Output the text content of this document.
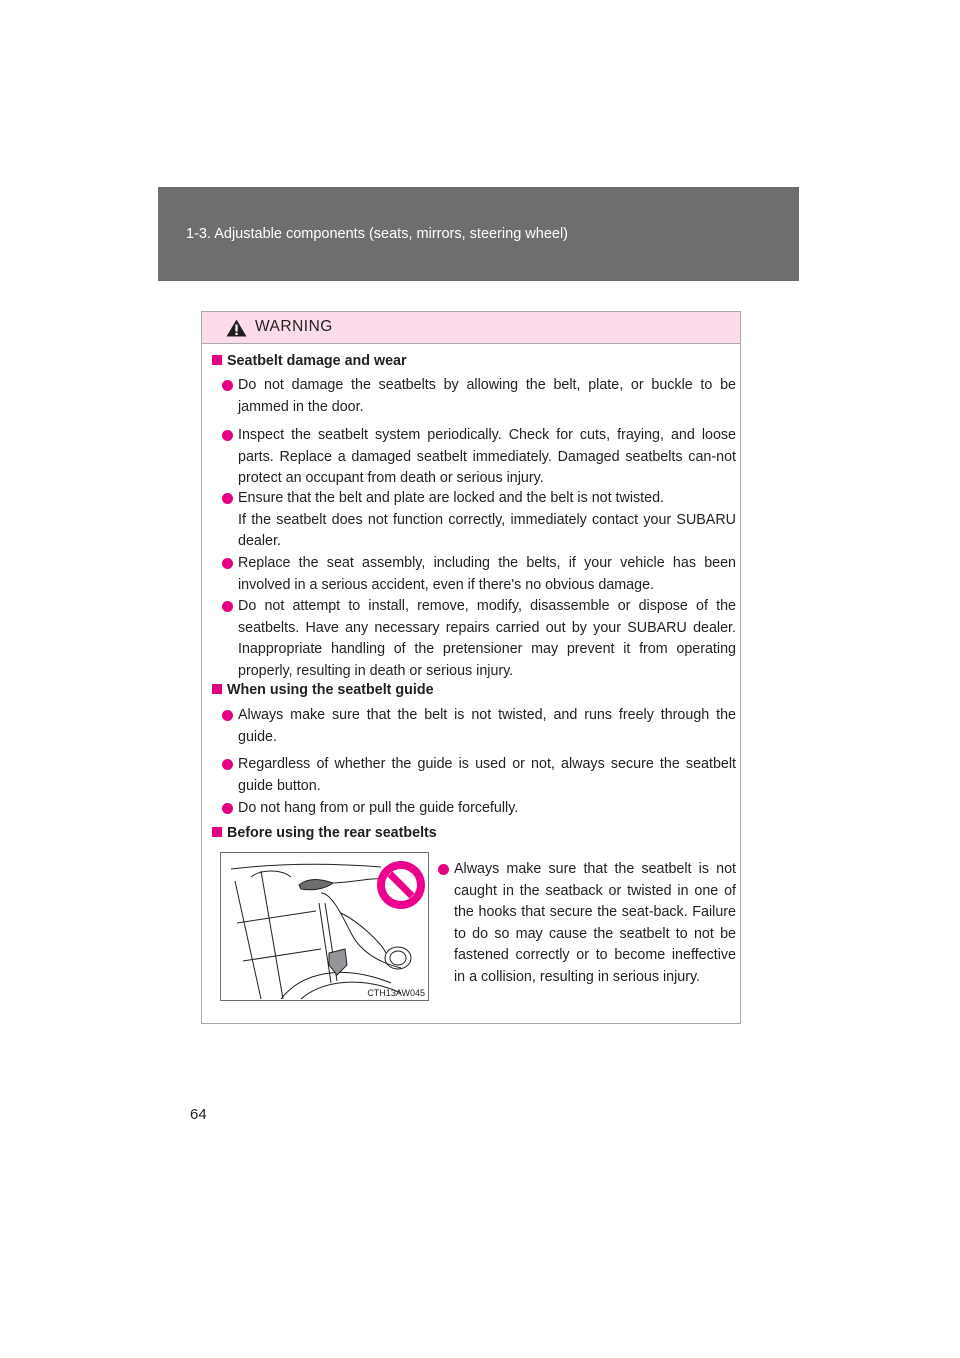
1-3. Adjustable components (seats, mirrors, steering wheel)
WARNING
Seatbelt damage and wear
Do not damage the seatbelts by allowing the belt, plate, or buckle to be jammed in the door.
Inspect the seatbelt system periodically. Check for cuts, fraying, and loose parts. Replace a damaged seatbelt immediately. Damaged seatbelts can-not protect an occupant from death or serious injury.
Ensure that the belt and plate are locked and the belt is not twisted.
If the seatbelt does not function correctly, immediately contact your SUBARU dealer.
Replace the seat assembly, including the belts, if your vehicle has been involved in a serious accident, even if there's no obvious damage.
Do not attempt to install, remove, modify, disassemble or dispose of the seatbelts. Have any necessary repairs carried out by your SUBARU dealer. Inappropriate handling of the pretensioner may prevent it from operating properly, resulting in death or serious injury.
When using the seatbelt guide
Always make sure that the belt is not twisted, and runs freely through the guide.
Regardless of whether the guide is used or not, always secure the seatbelt guide button.
Do not hang from or pull the guide forcefully.
Before using the rear seatbelts
CTH13AW045
Always make sure that the seatbelt is not caught in the seatback or twisted in one of the hooks that secure the seat-back. Failure to do so may cause the seatbelt to not be fastened correctly or to become ineffective in a collision, resulting in serious injury.
64
